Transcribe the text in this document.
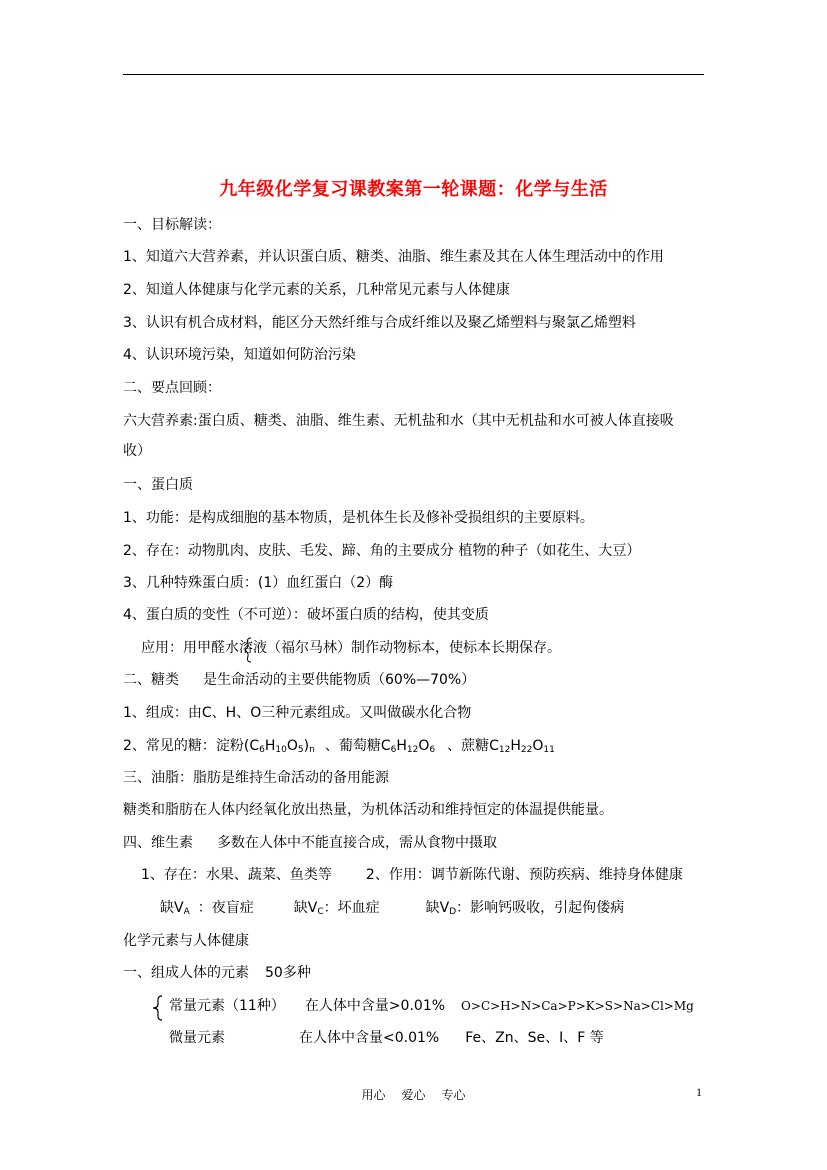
九年级化学复习课教案第一轮课题：化学与生活
一、目标解读：
1、知道六大营养素，并认识蛋白质、糖类、油脂、维生素及其在人体生理活动中的作用
2、知道人体健康与化学元素的关系，几种常见元素与人体健康
3、认识有机合成材料，能区分天然纤维与合成纤维以及聚乙烯塑料与聚氯乙烯塑料
4、认识环境污染，知道如何防治污染
二、要点回顾：
六大营养素:蛋白质、糖类、油脂、维生素、无机盐和水（其中无机盐和水可被人体直接吸
收）
一、蛋白质
1、功能：是构成细胞的基本物质，是机体生长及修补受损组织的主要原料。
2、存在：动物肌肉、皮肤、毛发、蹄、角的主要成分 植物的种子（如花生、大豆）
3、几种特殊蛋白质：(1）血红蛋白（2）酶
4、蛋白质的变性（不可逆）：破坏蛋白质的结构，使其变质
应用：用甲醛水溶液（福尔马林）制作动物标本，使标本长期保存。
二、糖类 是生命活动的主要供能物质（60%—70%）
1、组成：由C、H、O三种元素组成。又叫做碳水化合物
2、常见的糖：淀粉$(C_6H_{10}O_5)_n$ 、葡萄糖$C_6H_{12}O_6$ 、蔗糖$C_{12}H_{22}O_{11}$
三、油脂：脂肪是维持生命活动的备用能源
糖类和脂肪在人体内经氧化放出热量，为机体活动和维持恒定的体温提供能量。
四、维生素 多数在人体中不能直接合成，需从食物中摄取
1、存在：水果、蔬菜、鱼类等 2、作用：调节新陈代谢、预防疾病、维持身体健康
缺$V_A$ ：夜盲症	缺$V_C$：坏血症	缺$V_D$：影响钙吸收，引起佝偻病
化学元素与人体健康
一、组成人体的元素 50多种
常量元素（11种） 在人体中含量>0.01% O>C>H>N>Ca>P>K>S>Na>Cl>Mg
微量元素	在人体中含量<0.01% Fe、Zn、Se、I、F 等
用心 爱心 专心	1
